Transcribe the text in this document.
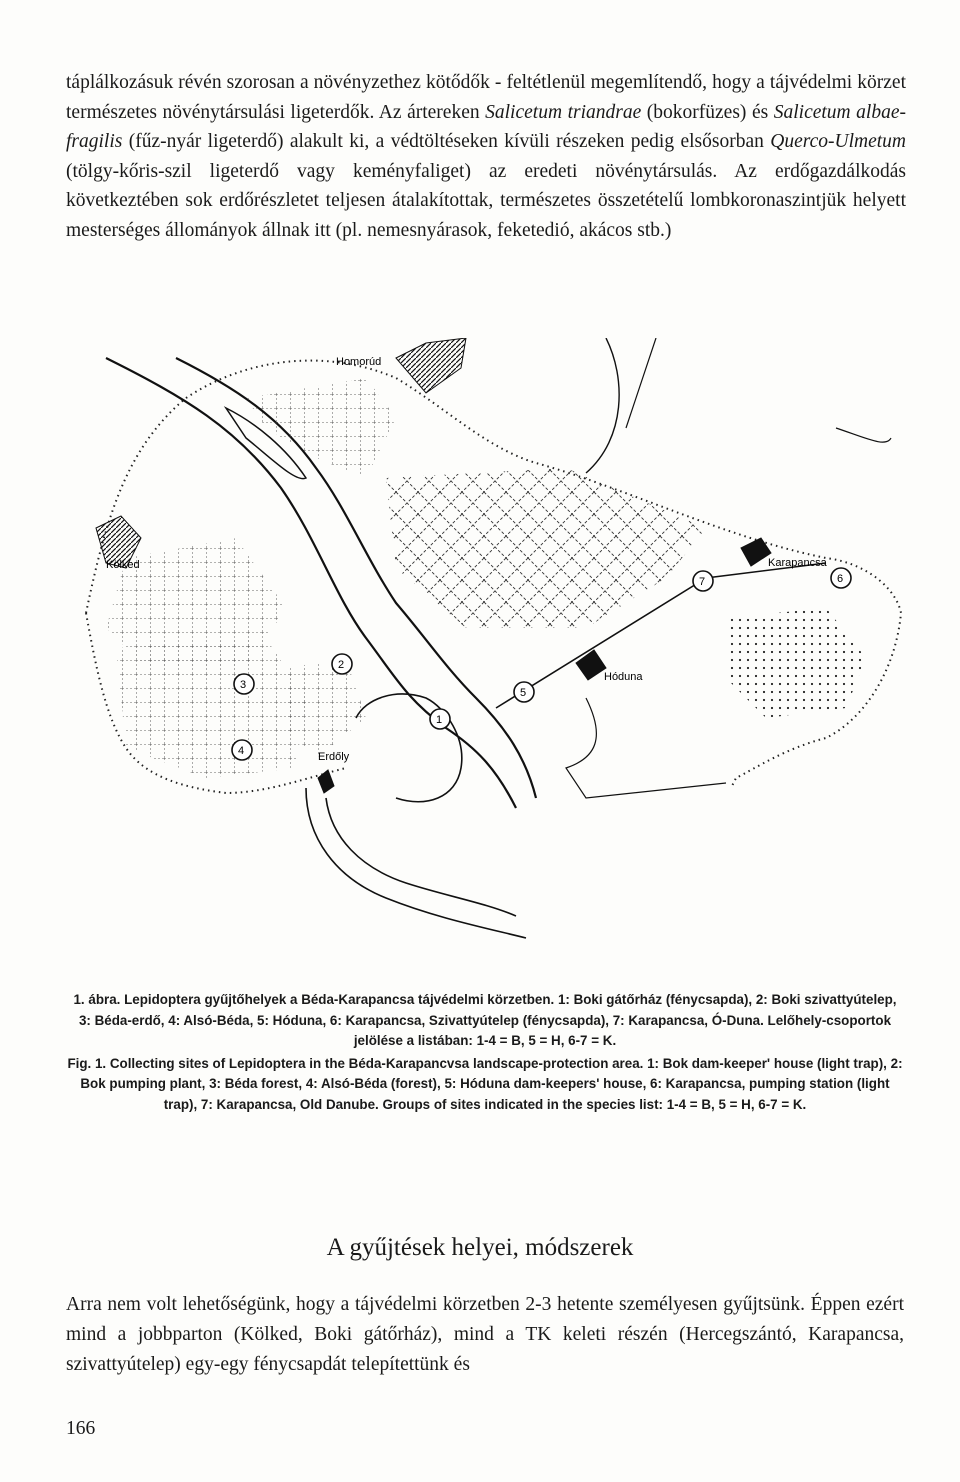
táplálkozásuk révén szorosan a növényzethez kötődők - feltétlenül megemlítendő, hogy a tájvédelmi körzet természetes növénytársulási ligeterdők. Az ártereken Salicetum triandrae (bokorfüzes) és Salicetum albae-fragilis (fűz-nyár ligeterdő) alakult ki, a védtöltéseken kívüli részeken pedig elsősorban Querco-Ulmetum (tölgy-kőris-szil ligeterdő vagy keményfaliget) az eredeti növénytársulás. Az erdőgazdálkodás következtében sok erdőrészletet teljesen átalakítottak, természetes összetételű lombkoronaszintjük helyett mesterséges állományok állnak itt (pl. nemesnyárasok, feketedió, akácos stb.)

Homorúd
Kölked	Karapancsa
Hóduna
Erdőly
1
2
3
4
5
6
7

1. ábra. Lepidoptera gyűjtőhelyek a Béda-Karapancsa tájvédelmi körzetben. 1: Boki gátőrház (fénycsapda), 2: Boki szivattyútelep, 3: Béda-erdő, 4: Alsó-Béda, 5: Hóduna, 6: Karapancsa, Szivattyútelep (fénycsapda), 7: Karapancsa, Ó-Duna. Lelőhely-csoportok jelölése a listában: 1-4 = B, 5 = H, 6-7 = K.

Fig. 1. Collecting sites of Lepidoptera in the Béda-Karapancvsa landscape-protection area. 1: Bok dam-keeper' house (light trap), 2: Bok pumping plant, 3: Béda forest, 4: Alsó-Béda (forest), 5: Hóduna dam-keepers' house, 6: Karapancsa, pumping station (light trap), 7: Karapancsa, Old Danube. Groups of sites indicated in the species list: 1-4 = B, 5 = H, 6-7 = K.

A gyűjtések helyei, módszerek

Arra nem volt lehetőségünk, hogy a tájvédelmi körzetben 2-3 hetente személyesen gyűjtsünk. Éppen ezért mind a jobbparton (Kölked, Boki gátőrház), mind a TK keleti részén (Hercegszántó, Karapancsa, szivattyútelep) egy-egy fénycsapdát telepítettünk és

166
